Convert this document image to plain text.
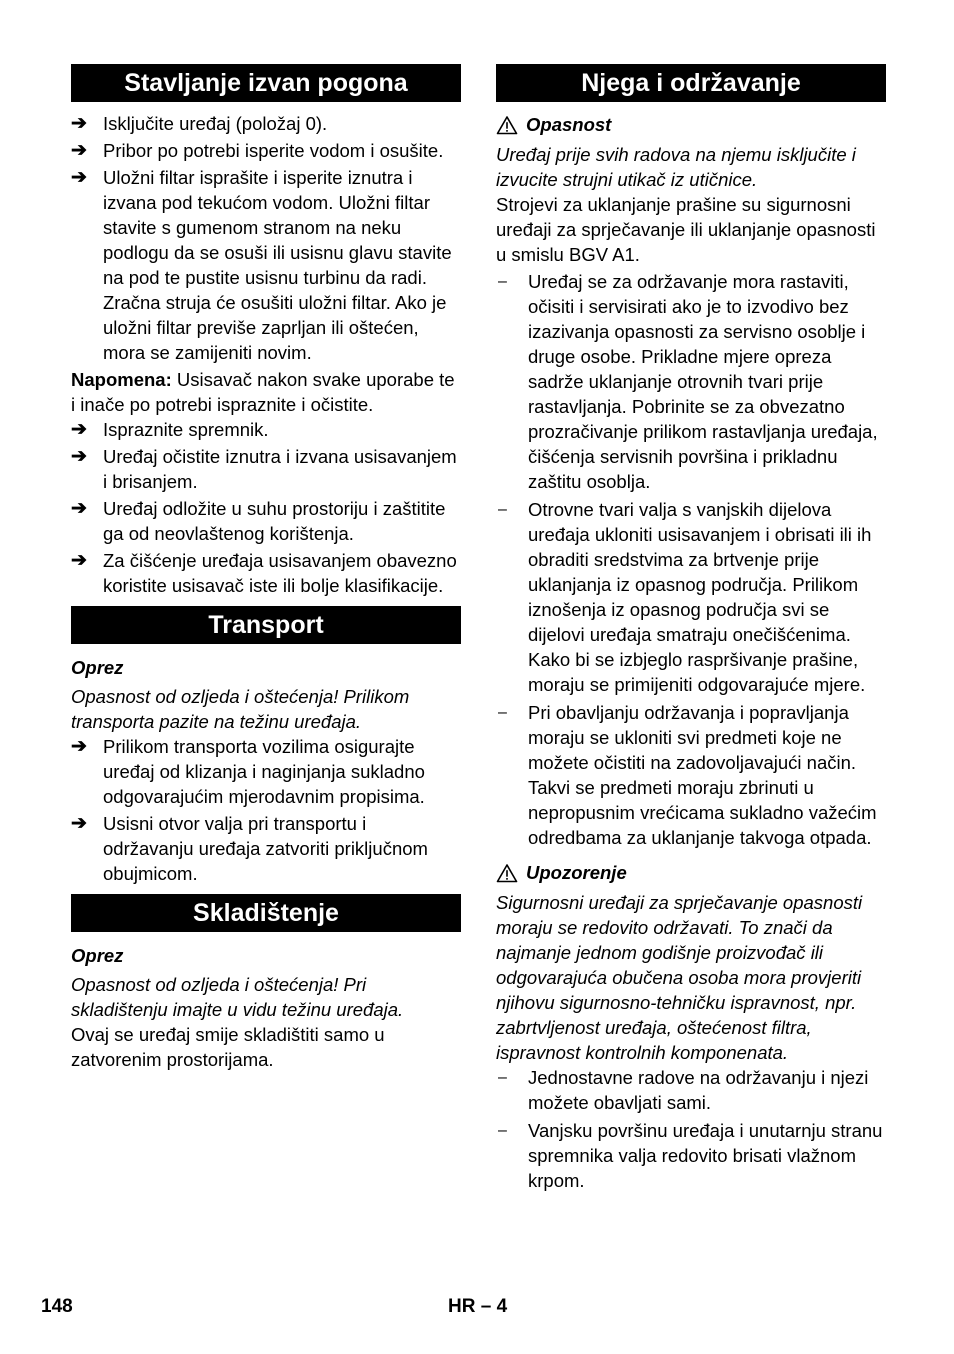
Stavljanje izvan pogona
➔ Isključite uređaj (položaj 0).
➔ Pribor po potrebi isperite vodom i osušite.
➔ Uložni filtar isprašite i isperite iznutra i izvana pod tekućom vodom. Uložni filtar stavite s gumenom stranom na neku podlogu da se osuši ili usisnu glavu stavite na pod te pustite usisnu turbinu da radi. Zračna struja će osušiti uložni filtar. Ako je uložni filtar previše zaprljan ili oštećen, mora se zamijeniti novim.

Napomena: Usisavač nakon svake uporabe te i inače po potrebi ispraznite i očistite.

➔ Ispraznite spremnik.
➔ Uređaj očistite iznutra i izvana usisavanjem i brisanjem.
➔ Uređaj odložite u suhu prostoriju i zaštitite ga od neovlaštenog korištenja.
➔ Za čišćenje uređaja usisavanjem obavezno koristite usisavač iste ili bolje klasifikacije.
Transport

Oprez

Opasnost od ozljeda i oštećenja! Prilikom transporta pazite na težinu uređaja.

➔ Prilikom transporta vozilima osigurajte uređaj od klizanja i naginjanja sukladno odgovarajućim mjerodavnim propisima.
➔ Usisni otvor valja pri transportu i održavanju uređaja zatvoriti priključnom obujmicom.
Skladištenje

Oprez

Opasnost od ozljeda i oštećenja! Pri skladištenju imajte u vidu težinu uređaja.

Ovaj se uređaj smije skladištiti samo u zatvorenim prostorijama.

Njega i održavanje
Opasnost

Uređaj prije svih radova na njemu isključite i izvucite strujni utikač iz utičnice.

Strojevi za uklanjanje prašine su sigurnosni uređaji za sprječavanje ili uklanjanje opasnosti u smislu BGV A1.

– Uređaj se za održavanje mora rastaviti, očisiti i servisirati ako je to izvodivo bez izazivanja opasnosti za servisno osoblje i druge osobe. Prikladne mjere opreza sadrže uklanjanje otrovnih tvari prije rastavljanja. Pobrinite se za obvezatno prozračivanje prilikom rastavljanja uređaja, čišćenja servisnih površina i prikladnu zaštitu osoblja.
– Otrovne tvari valja s vanjskih dijelova uređaja ukloniti usisavanjem i obrisati ili ih obraditi sredstvima za brtvenje prije uklanjanja iz opasnog područja. Prilikom iznošenja iz opasnog područja svi se dijelovi uređaja smatraju onečišćenima. Kako bi se izbjeglo raspršivanje prašine, moraju se primijeniti odgovarajuće mjere.
– Pri obavljanju održavanja i popravljanja moraju se ukloniti svi predmeti koje ne možete očistiti na zadovoljavajući način. Takvi se predmeti moraju zbrinuti u nepropusnim vrećicama sukladno važećim odredbama za uklanjanje takvoga otpada.
Upozorenje

Sigurnosni uređaji za sprječavanje opasnosti moraju se redovito održavati. To znači da najmanje jednom godišnje proizvođač ili odgovarajuća obučena osoba mora provjeriti njihovu sigurnosno-tehničku ispravnost, npr. zabrtvljenost uređaja, oštećenost filtra, ispravnost kontrolnih komponenata.

– Jednostavne radove na održavanju i njezi možete obavljati sami.
– Vanjsku površinu uređaja i unutarnju stranu spremnika valja redovito brisati vlažnom krpom.
148	HR – 4
